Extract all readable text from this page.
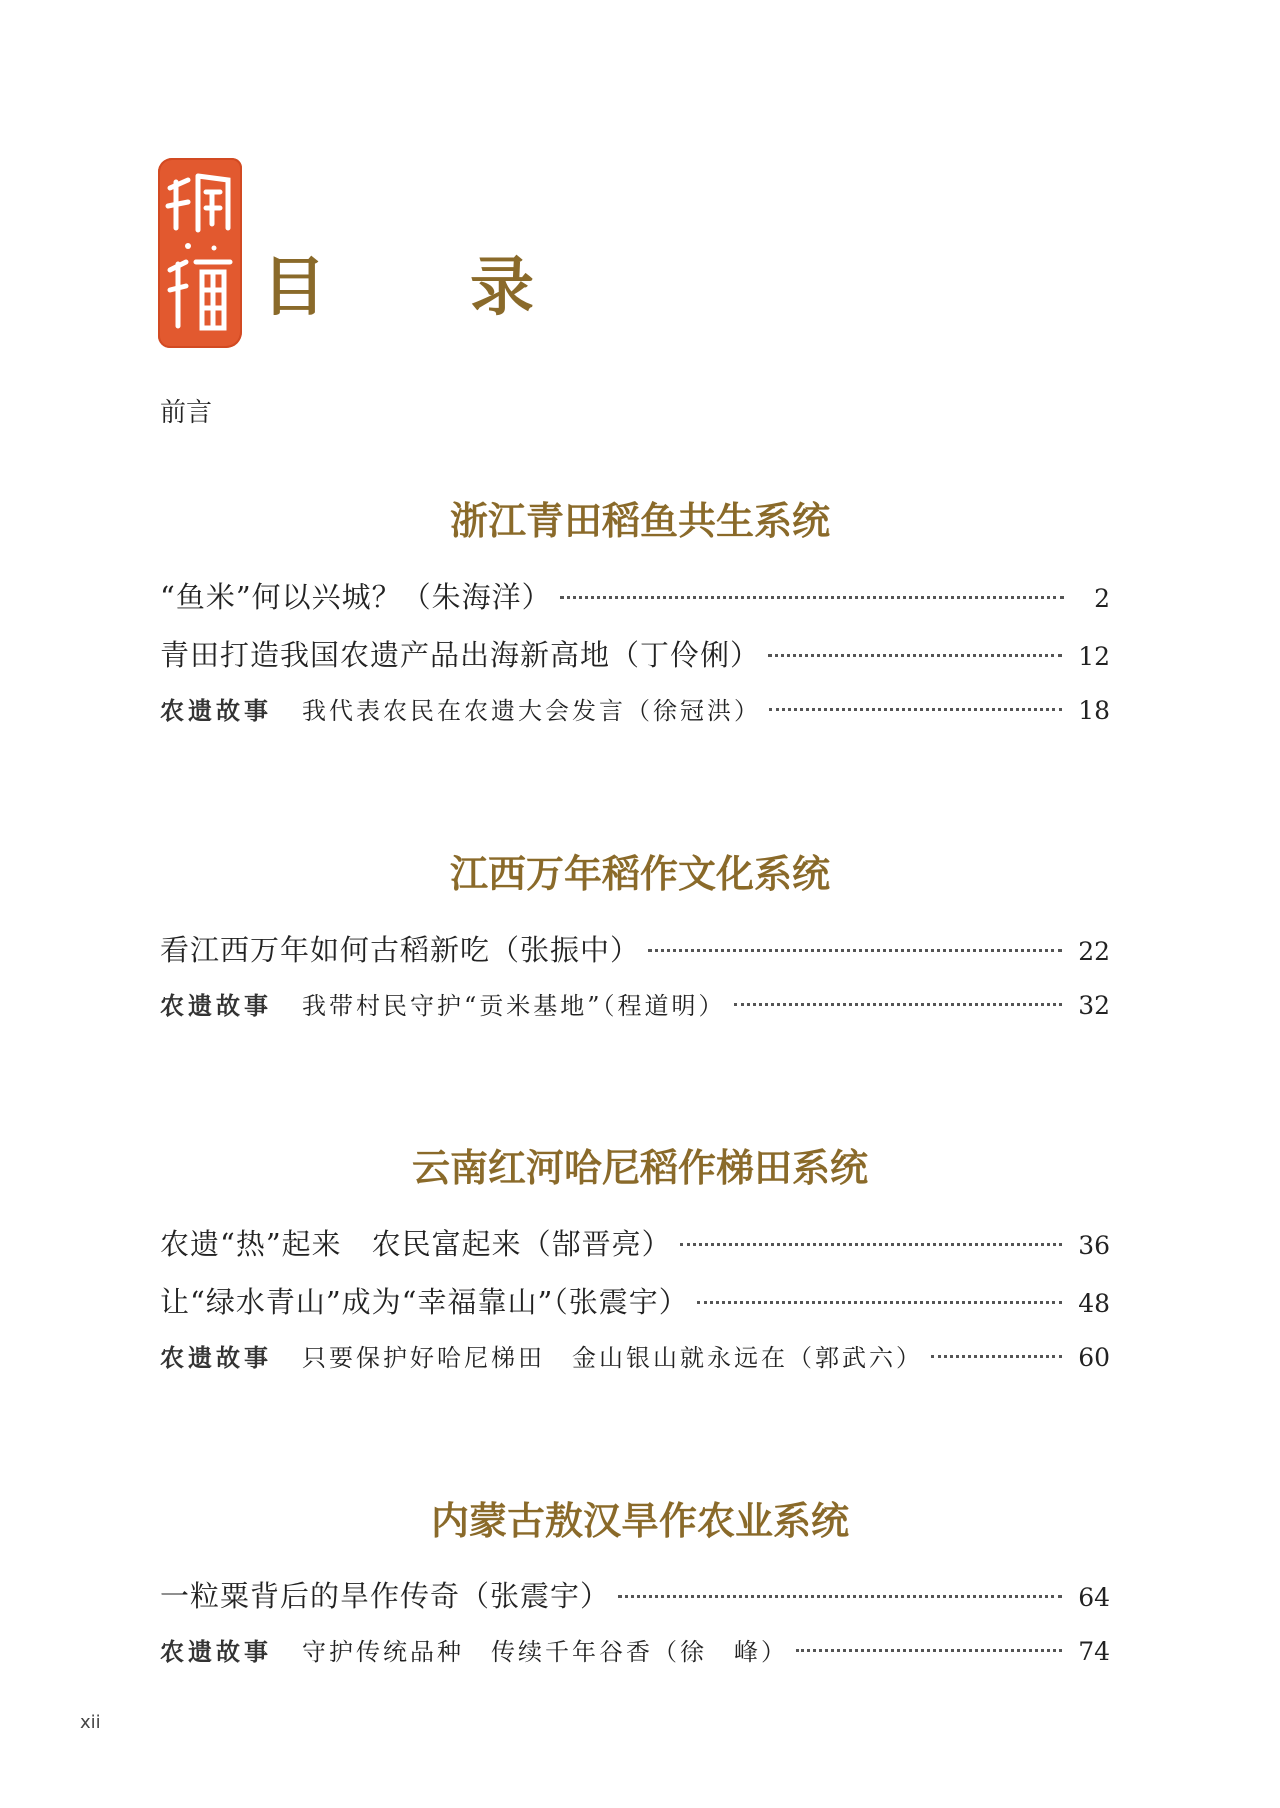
目 录
前言
浙江青田稻鱼共生系统
“鱼米”何以兴城？（朱海洋）	2
青田打造我国农遗产品出海新高地（丁伶俐）	12
农遗故事 我代表农民在农遗大会发言（徐冠洪）	18
江西万年稻作文化系统
看江西万年如何古稻新吃（张振中）	22
农遗故事 我带村民守护“贡米基地”（程道明）	32
云南红河哈尼稻作梯田系统
农遗“热”起来　农民富起来（郜晋亮）	36
让“绿水青山”成为“幸福靠山”（张震宇）	48
农遗故事 只要保护好哈尼梯田　金山银山就永远在（郭武六）	60
内蒙古敖汉旱作农业系统
一粒粟背后的旱作传奇（张震宇）	64
农遗故事 守护传统品种　传续千年谷香（徐　峰）	74
xii
